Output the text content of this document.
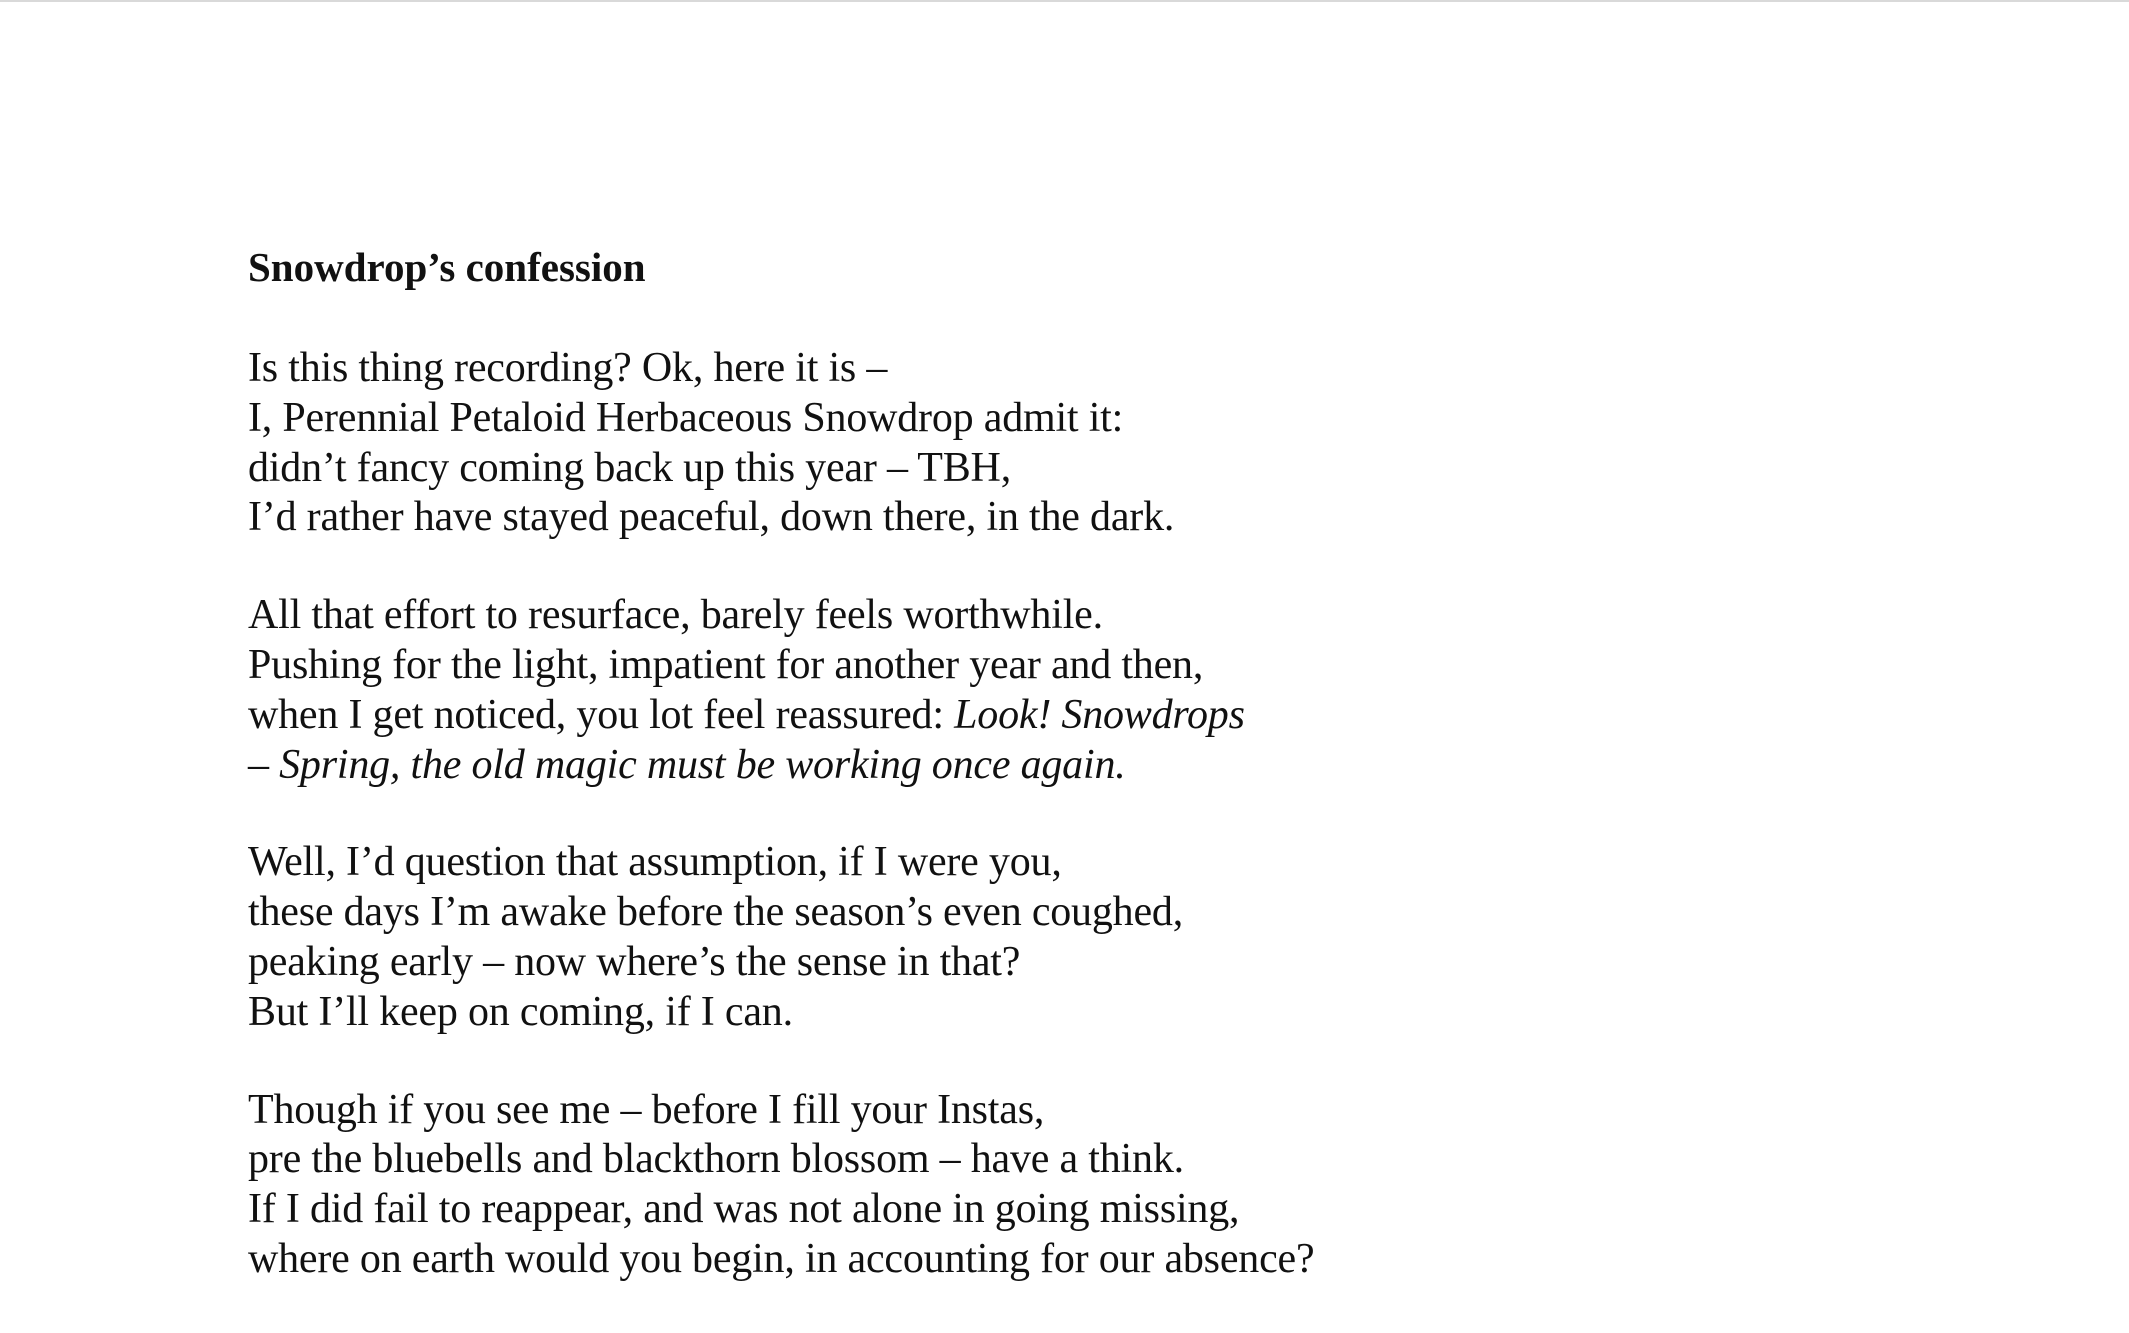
Snowdrop’s confession
Is this thing recording? Ok, here it is –
I, Perennial Petaloid Herbaceous Snowdrop admit it:
didn’t fancy coming back up this year – TBH,
I’d rather have stayed peaceful, down there, in the dark.
All that effort to resurface, barely feels worthwhile.
Pushing for the light, impatient for another year and then,
when I get noticed, you lot feel reassured: Look! Snowdrops
– Spring, the old magic must be working once again.
Well, I’d question that assumption, if I were you,
these days I’m awake before the season’s even coughed,
peaking early – now where’s the sense in that?
But I’ll keep on coming, if I can.
Though if you see me – before I fill your Instas,
pre the bluebells and blackthorn blossom – have a think.
If I did fail to reappear, and was not alone in going missing,
where on earth would you begin, in accounting for our absence?
